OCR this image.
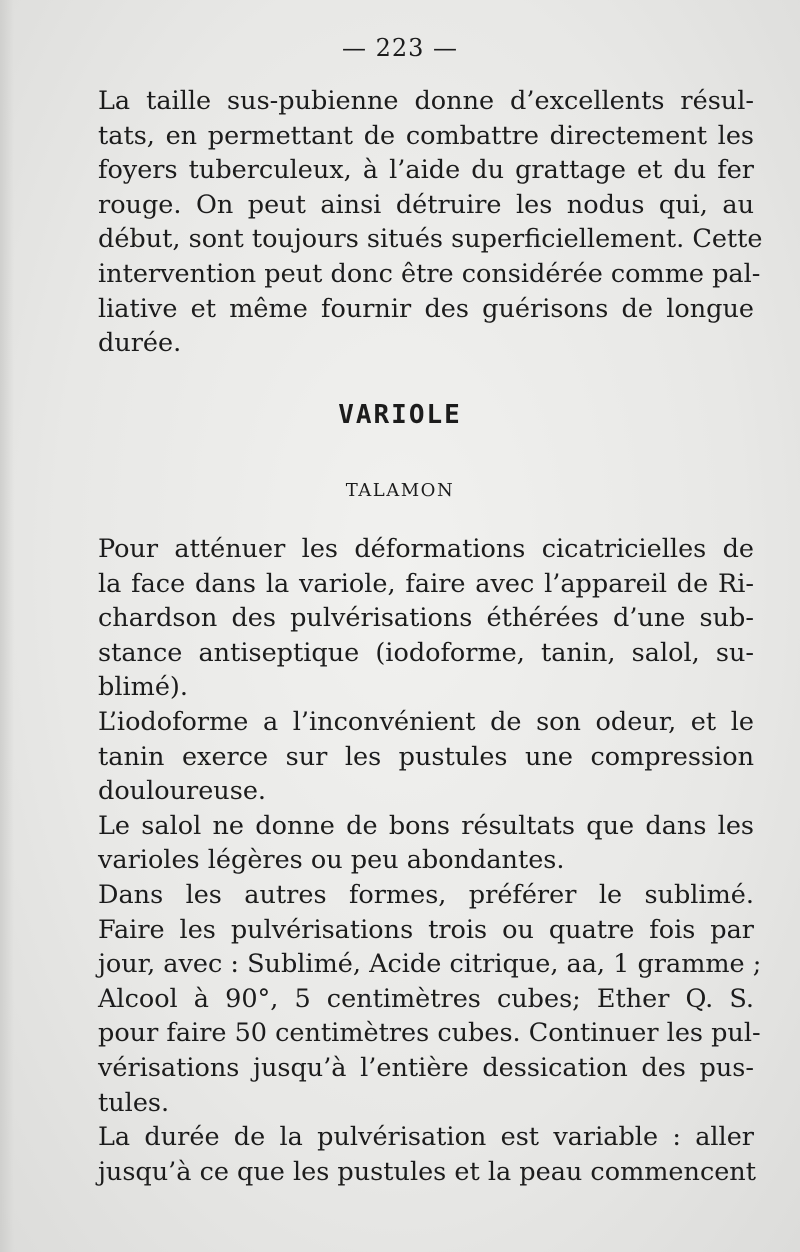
— 223 —

La taille sus-pubienne donne d’excellents résul-
tats, en permettant de combattre directement les
foyers tuberculeux, à l’aide du grattage et du fer
rouge. On peut ainsi détruire les nodus qui, au
début, sont toujours situés superficiellement. Cette
intervention peut donc être considérée comme pal-
liative et même fournir des guérisons de longue
durée.

VARIOLE
TALAMON

Pour atténuer les déformations cicatricielles de
la face dans la variole, faire avec l’appareil de Ri-
chardson des pulvérisations éthérées d’une sub-
stance antiseptique (iodoforme, tanin, salol, su-
blimé).

L’iodoforme a l’inconvénient de son odeur, et le
tanin exerce sur les pustules une compression
douloureuse.

Le salol ne donne de bons résultats que dans les
varioles légères ou peu abondantes.

Dans les autres formes, préférer le sublimé.
Faire les pulvérisations trois ou quatre fois par
jour, avec : Sublimé, Acide citrique, aa, 1 gramme ;
Alcool à 90°, 5 centimètres cubes; Ether Q. S.
pour faire 50 centimètres cubes. Continuer les pul-
vérisations jusqu’à l’entière dessication des pus-
tules.

La durée de la pulvérisation est variable : aller
jusqu’à ce que les pustules et la peau commencent
